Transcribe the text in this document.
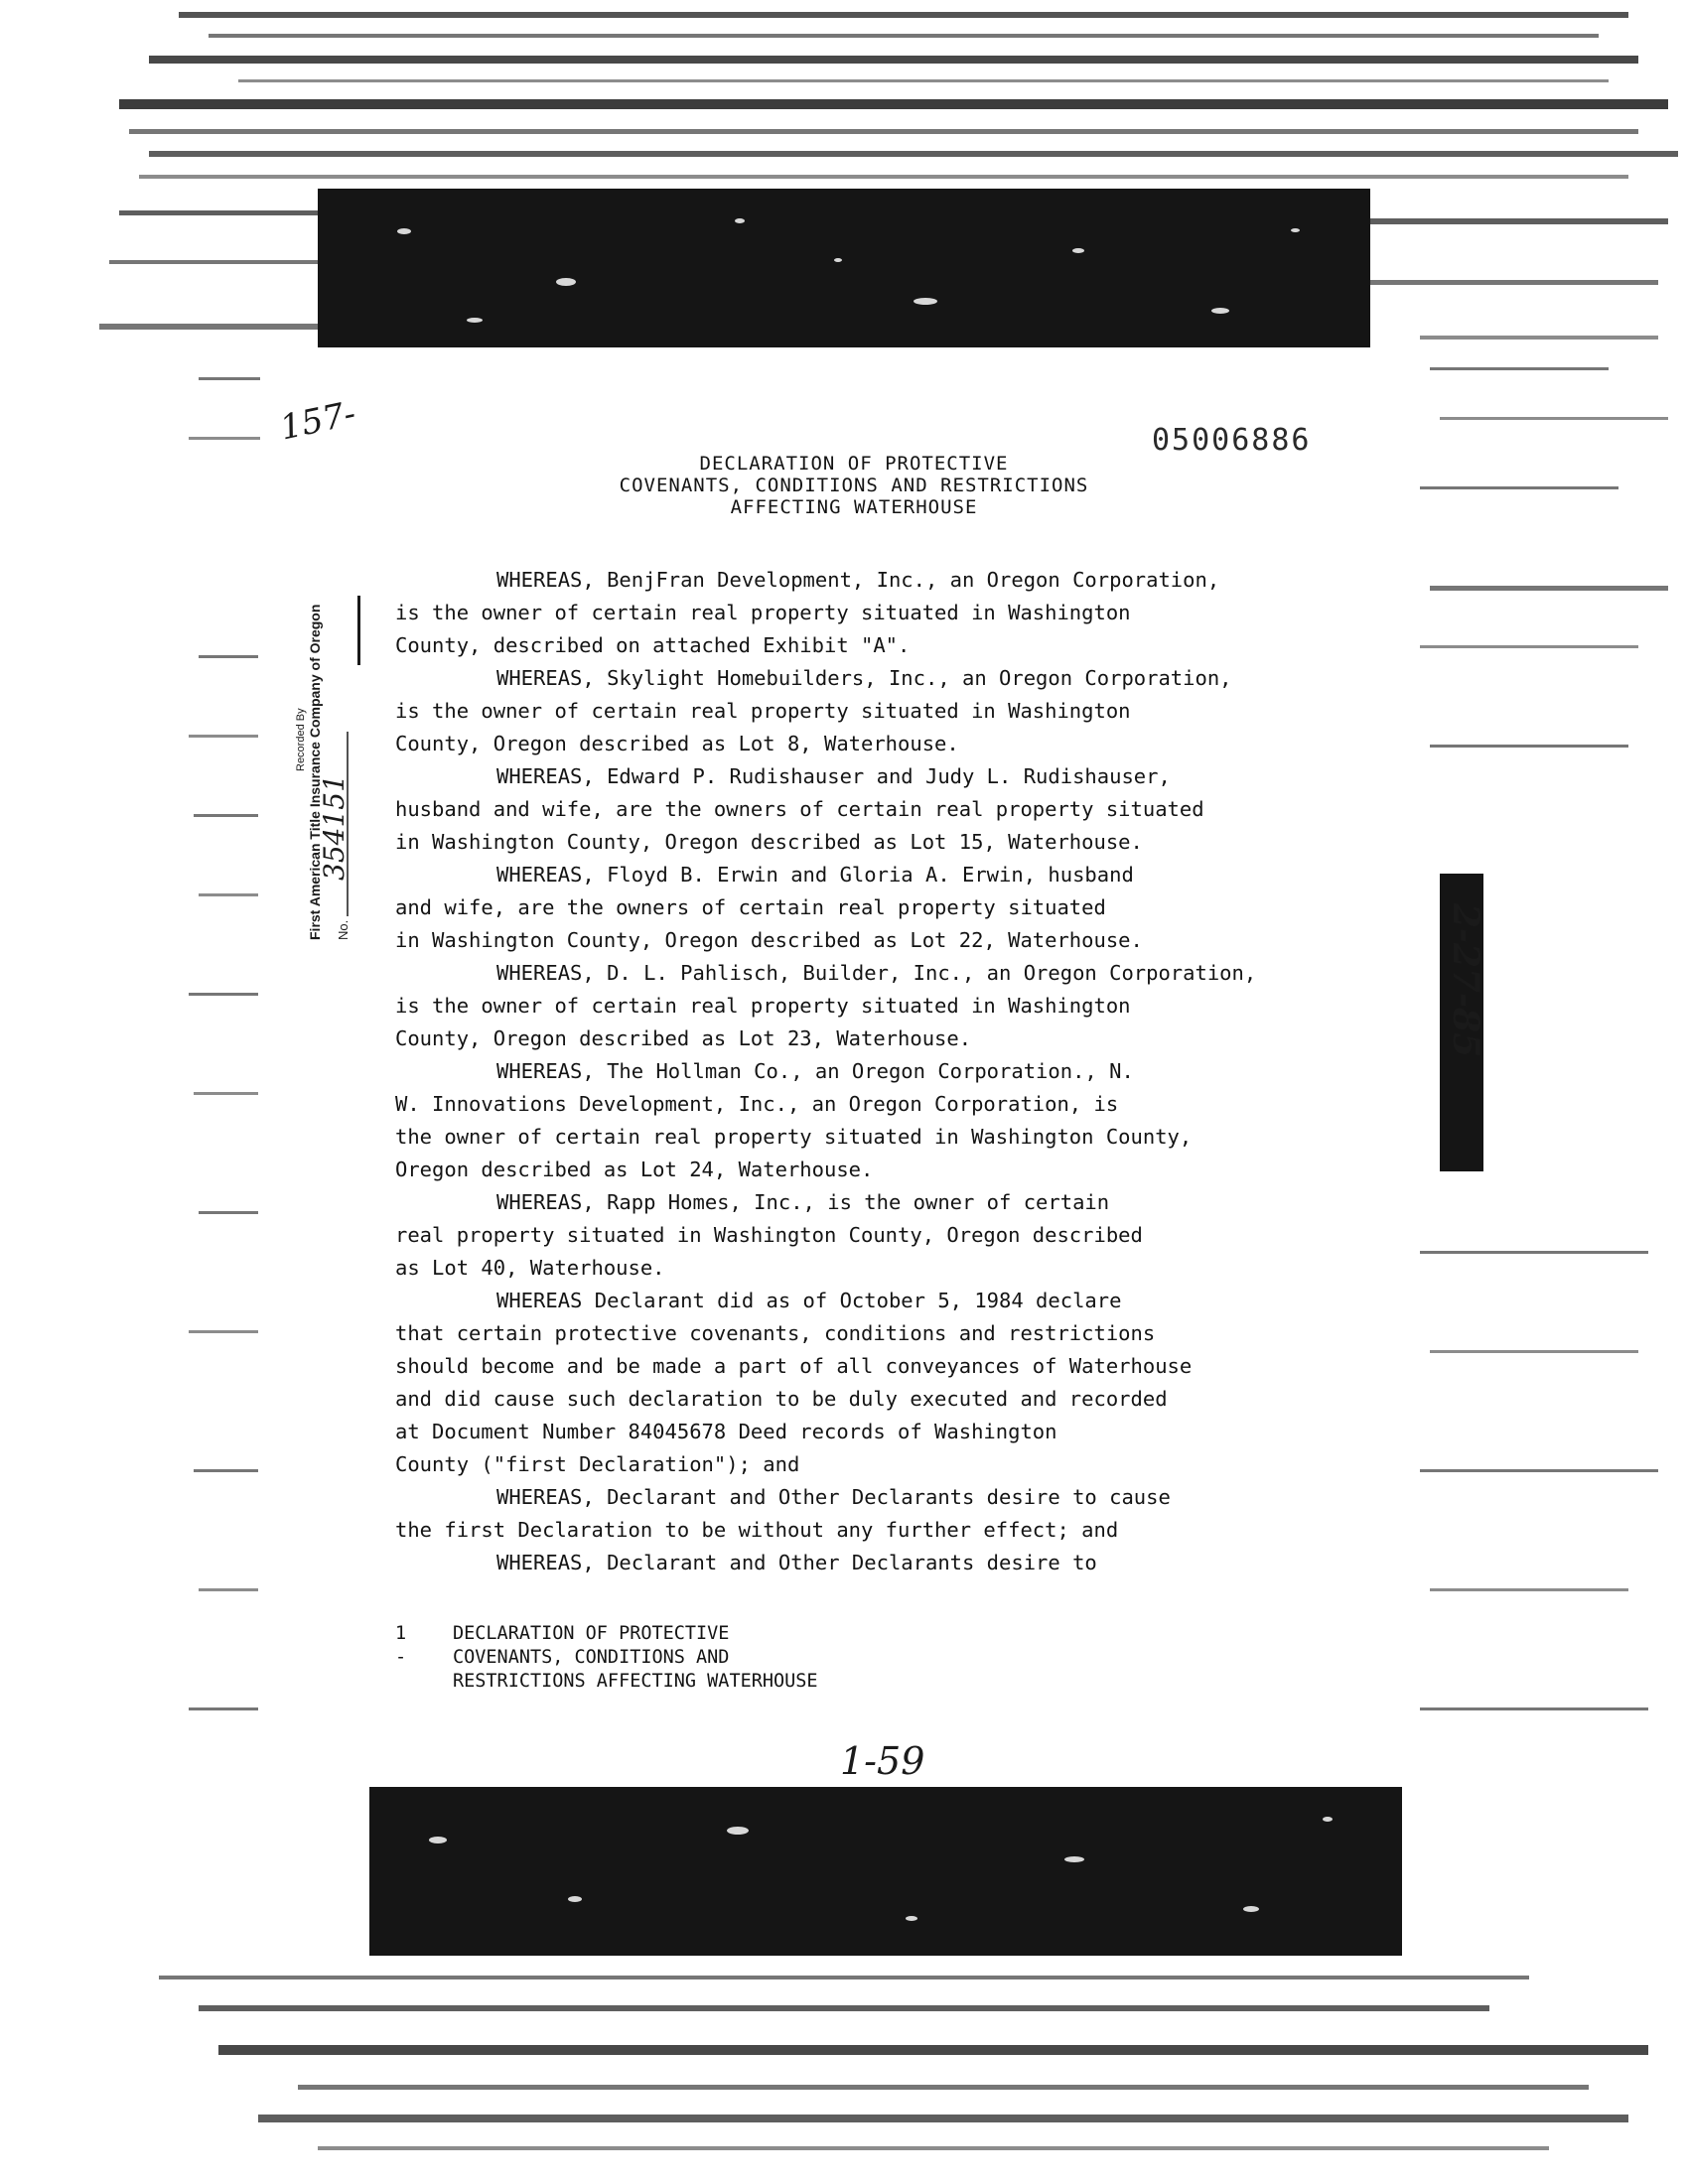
157-	05006886
DECLARATION OF PROTECTIVE
COVENANTS, CONDITIONS AND RESTRICTIONS
AFFECTING WATERHOUSE
Recorded By First American Title Insurance Company of Oregon No.
354151
2-27-85
WHEREAS, BenjFran Development, Inc., an Oregon Corporation,
is the owner of certain real property situated in Washington
County, described on attached Exhibit "A".
WHEREAS, Skylight Homebuilders, Inc., an Oregon Corporation,
is the owner of certain real property situated in Washington
County, Oregon described as Lot 8, Waterhouse.
WHEREAS, Edward P. Rudishauser and Judy L. Rudishauser,
husband and wife, are the owners of certain real property situated
in Washington County, Oregon described as Lot 15, Waterhouse.
WHEREAS, Floyd B. Erwin and Gloria A. Erwin, husband
and wife, are the owners of certain real property situated
in Washington County, Oregon described as Lot 22, Waterhouse.
WHEREAS, D. L. Pahlisch, Builder, Inc., an Oregon Corporation,
is the owner of certain real property situated in Washington
County, Oregon described as Lot 23, Waterhouse.
WHEREAS, The Hollman Co., an Oregon Corporation., N.
W. Innovations Development, Inc., an Oregon Corporation, is
the owner of certain real property situated in Washington County,
Oregon described as Lot 24, Waterhouse.
WHEREAS, Rapp Homes, Inc., is the owner of certain
real property situated in Washington County, Oregon described
as Lot 40, Waterhouse.
WHEREAS Declarant did as of October 5, 1984 declare
that certain protective covenants, conditions and restrictions
should become and be made a part of all conveyances of Waterhouse
and did cause such declaration to be duly executed and recorded
at Document Number 84045678 Deed records of Washington
County ("first Declaration"); and
WHEREAS, Declarant and Other Declarants desire to cause
the first Declaration to be without any further effect; and
WHEREAS, Declarant and Other Declarants desire to
1 -
DECLARATION OF PROTECTIVE
COVENANTS, CONDITIONS AND
RESTRICTIONS AFFECTING WATERHOUSE
1-59
